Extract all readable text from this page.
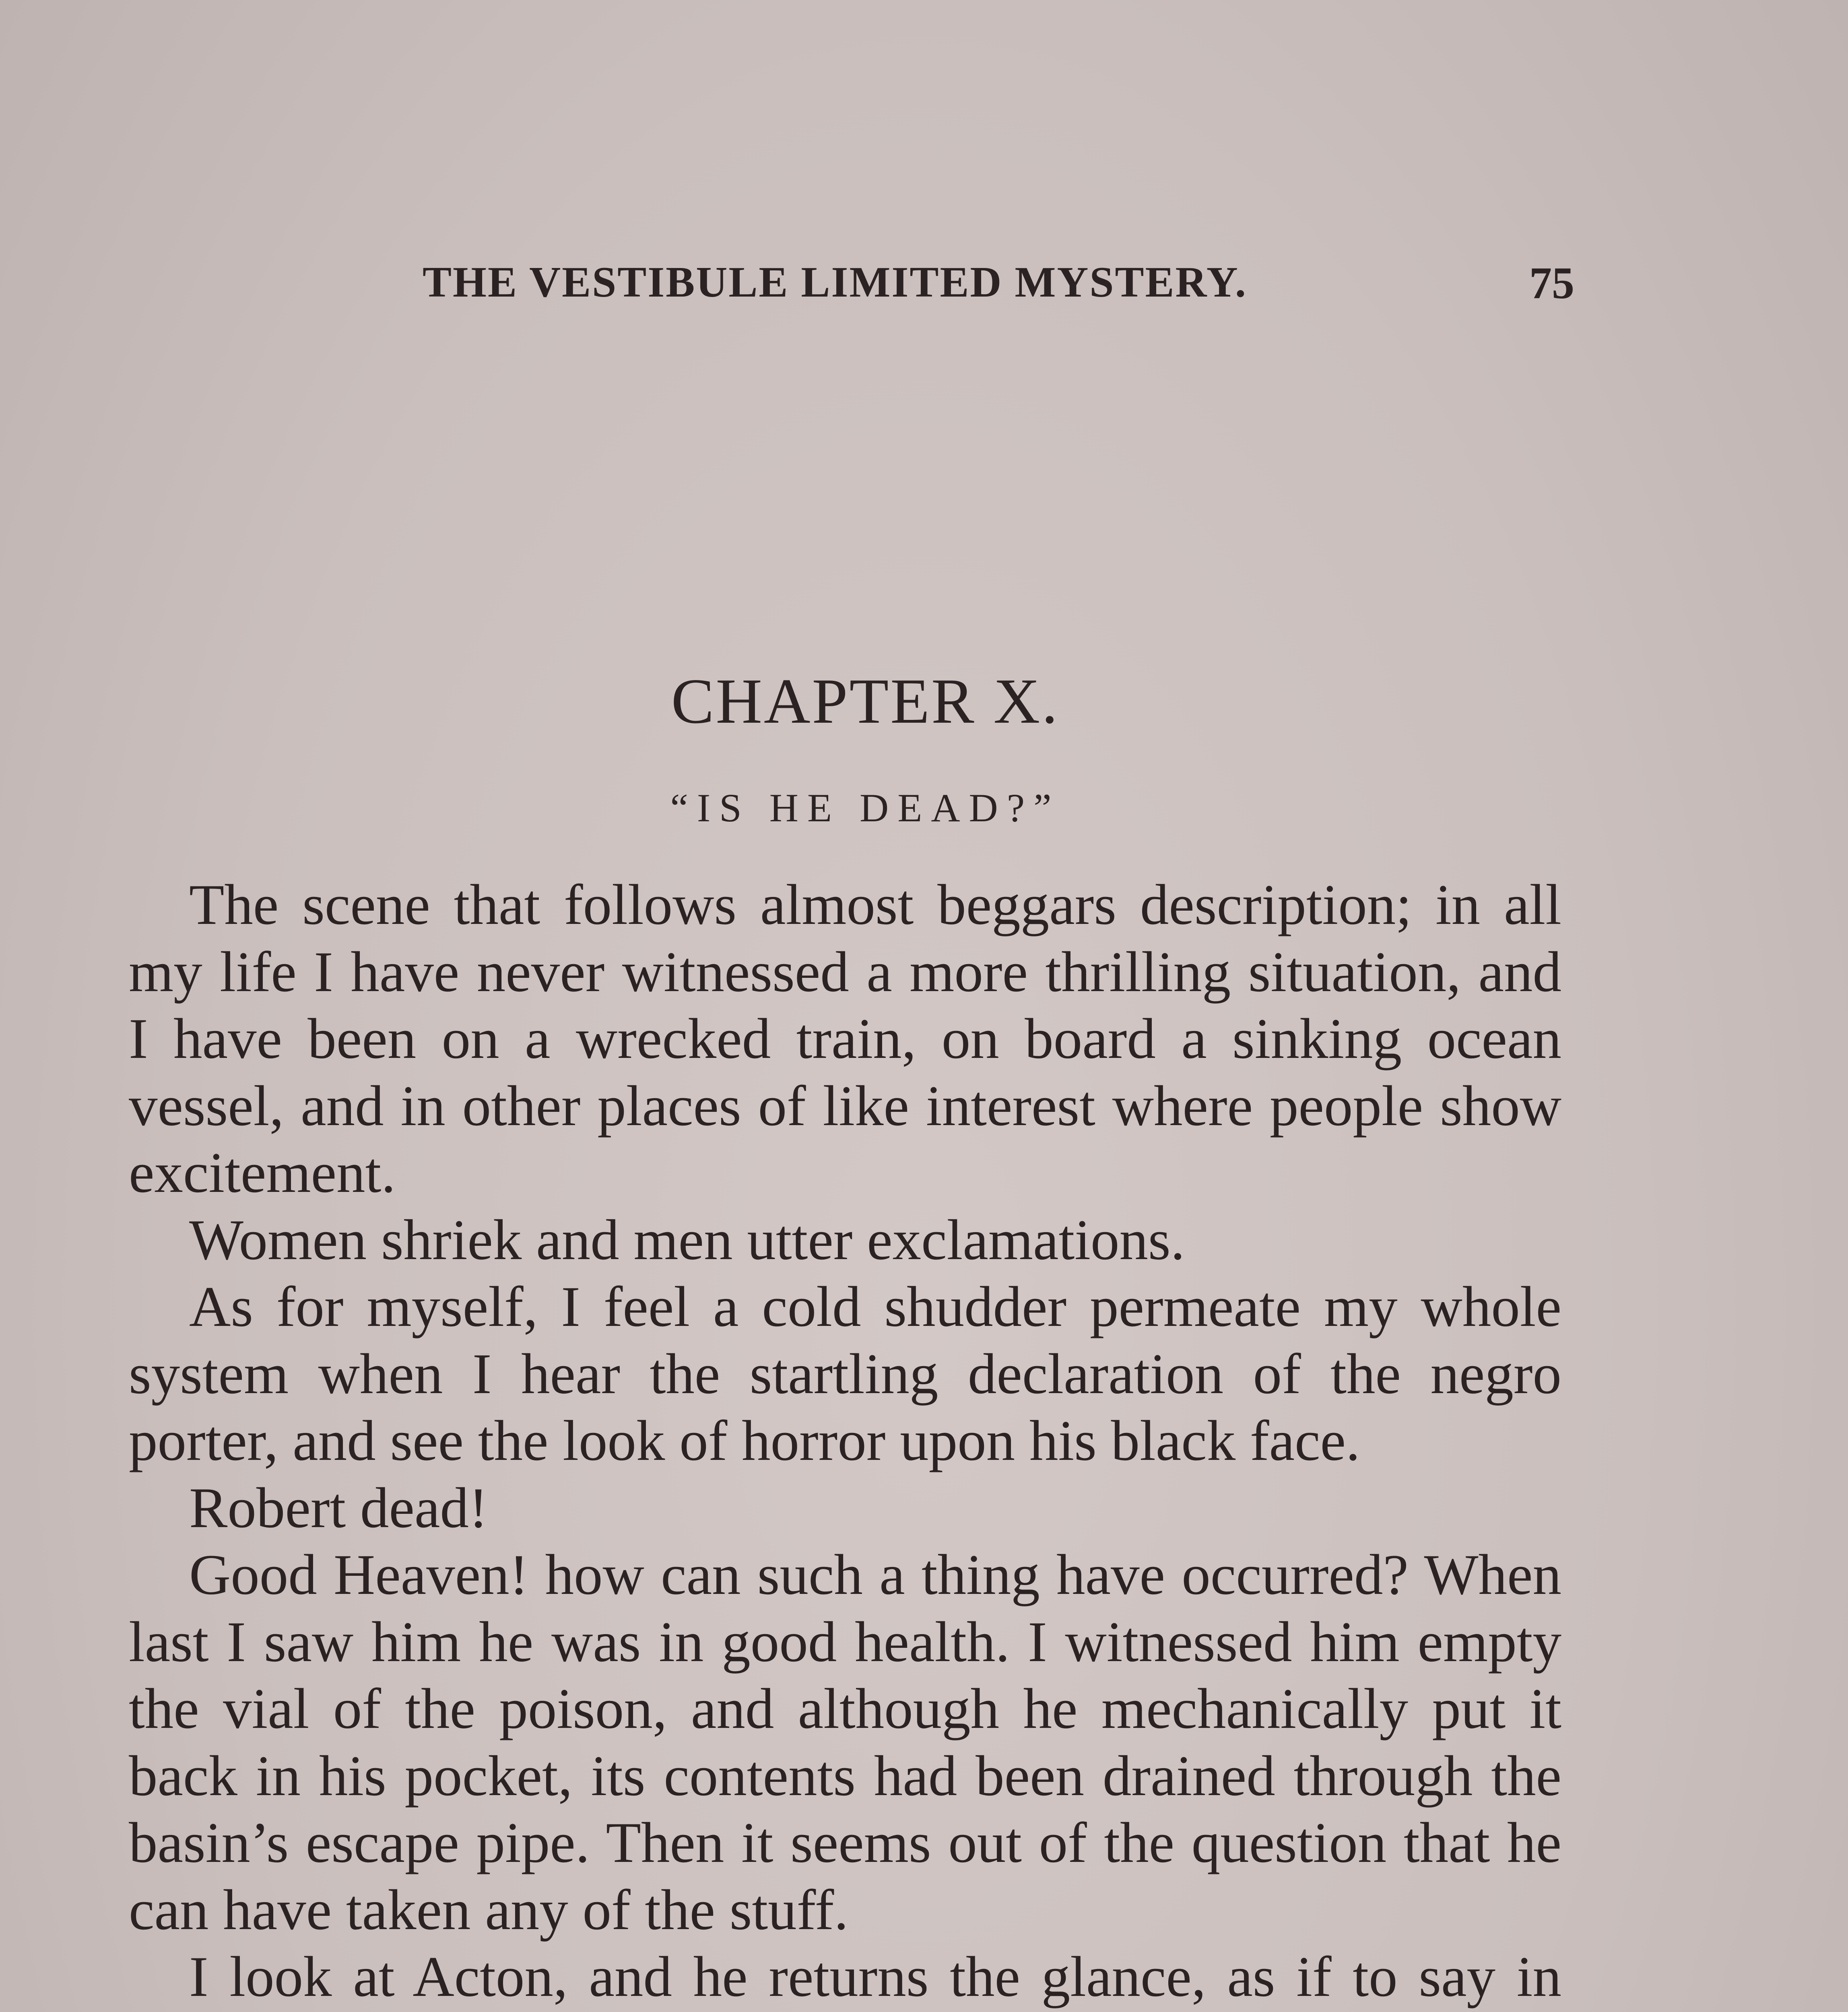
THE VESTIBULE LIMITED MYSTERY.	75
CHAPTER X.
“IS HE DEAD?”

The scene that follows almost beggars description; in all my life I have never witnessed a more thrilling situation, and I have been on a wrecked train, on board a sinking ocean vessel, and in other places of like interest where people show excitement.

Women shriek and men utter exclamations.

As for myself, I feel a cold shudder permeate my whole system when I hear the startling declaration of the negro porter, and see the look of horror upon his black face.

Robert dead!

Good Heaven! how can such a thing have occurred? When last I saw him he was in good health. I witnessed him empty the vial of the poison, and although he mechanically put it back in his pocket, its contents had been drained through the basin’s escape pipe. Then it seems out of the question that he can have taken any of the stuff.

I look at Acton, and he returns the glance, as if to say in
